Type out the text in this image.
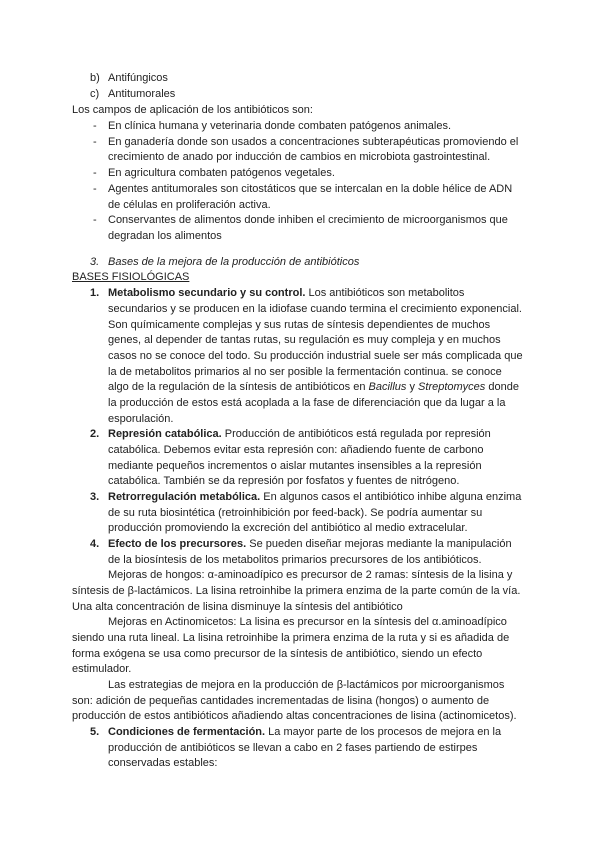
b) Antifúngicos
c) Antitumorales
Los campos de aplicación de los antibióticos son:
- En clínica humana y veterinaria donde combaten patógenos animales.
- En ganadería donde son usados a concentraciones subterapéuticas promoviendo el
crecimiento de anado por inducción de cambios en microbiota gastrointestinal.
- En agricultura combaten patógenos vegetales.
- Agentes antitumorales son citostáticos que se intercalan en la doble hélice de ADN
de células en proliferación activa.
- Conservantes de alimentos donde inhiben el crecimiento de microorganismos que
degradan los alimentos
3. Bases de la mejora de la producción de antibióticos
BASES FISIOLÓGICAS
1. Metabolismo secundario y su control. Los antibióticos son metabolitos
secundarios y se producen en la idiofase cuando termina el crecimiento exponencial.
Son químicamente complejas y sus rutas de síntesis dependientes de muchos
genes, al depender de tantas rutas, su regulación es muy compleja y en muchos
casos no se conoce del todo. Su producción industrial suele ser más complicada que
la de metabolitos primarios al no ser posible la fermentación continua. se conoce
algo de la regulación de la síntesis de antibióticos en Bacillus y Streptomyces donde
la producción de estos está acoplada a la fase de diferenciación que da lugar a la
esporulación.
2. Represión catabólica. Producción de antibióticos está regulada por represión
catabólica. Debemos evitar esta represión con: añadiendo fuente de carbono
mediante pequeños incrementos o aislar mutantes insensibles a la represión
catabólica. También se da represión por fosfatos y fuentes de nitrógeno.
3. Retrorregulación metabólica. En algunos casos el antibiótico inhibe alguna enzima
de su ruta biosintética (retroinhibición por feed-back). Se podría aumentar su
producción promoviendo la excreción del antibiótico al medio extracelular.
4. Efecto de los precursores. Se pueden diseñar mejoras mediante la manipulación
de la biosíntesis de los metabolitos primarios precursores de los antibióticos.
Mejoras de hongos: α-aminoadípico es precursor de 2 ramas: síntesis de la lisina y
síntesis de β-lactámicos. La lisina retroinhibe la primera enzima de la parte común de la vía.
Una alta concentración de lisina disminuye la síntesis del antibiótico
Mejoras en Actinomicetos: La lisina es precursor en la síntesis del α.aminoadípico
siendo una ruta lineal. La lisina retroinhibe la primera enzima de la ruta y si es añadida de
forma exógena se usa como precursor de la síntesis de antibiótico, siendo un efecto
estimulador.
Las estrategias de mejora en la producción de β-lactámicos por microorganismos
son: adición de pequeñas cantidades incrementadas de lisina (hongos) o aumento de
producción de estos antibióticos añadiendo altas concentraciones de lisina (actinomicetos).
5. Condiciones de fermentación. La mayor parte de los procesos de mejora en la
producción de antibióticos se llevan a cabo en 2 fases partiendo de estirpes
conservadas estables:
